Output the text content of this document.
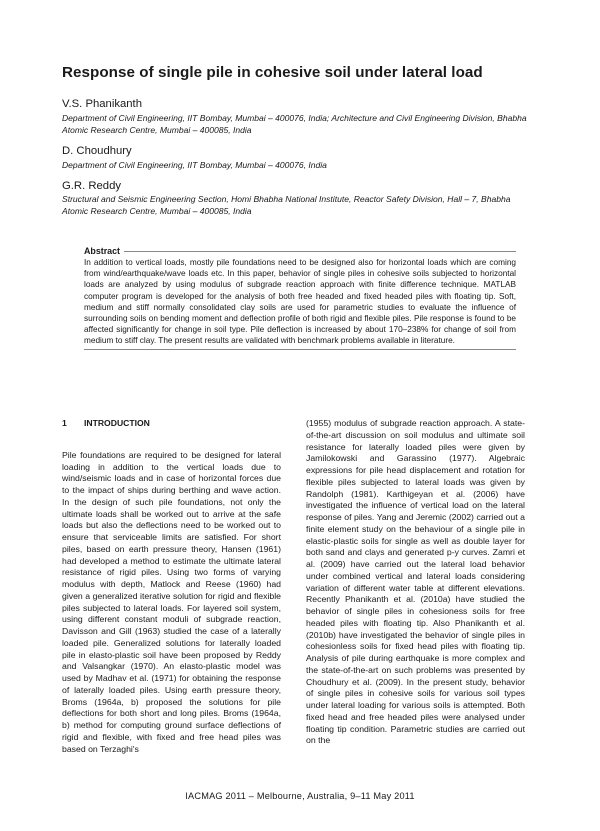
Response of single pile in cohesive soil under lateral load
V.S. Phanikanth
Department of Civil Engineering, IIT Bombay, Mumbai – 400076, India; Architecture and Civil Engineering Division, Bhabha Atomic Research Centre, Mumbai – 400085, India
D. Choudhury
Department of Civil Engineering, IIT Bombay, Mumbai – 400076, India
G.R. Reddy
Structural and Seismic Engineering Section, Homi Bhabha National Institute, Reactor Safety Division, Hall – 7, Bhabha Atomic Research Centre, Mumbai – 400085, India
Abstract
In addition to vertical loads, mostly pile foundations need to be designed also for horizontal loads which are coming from wind/earthquake/wave loads etc. In this paper, behavior of single piles in cohesive soils subjected to horizontal loads are analyzed by using modulus of subgrade reaction approach with finite difference technique. MATLAB computer program is developed for the analysis of both free headed and fixed headed piles with floating tip. Soft, medium and stiff normally consolidated clay soils are used for parametric studies to evaluate the influence of surrounding soils on bending moment and deflection profile of both rigid and flexible piles. Pile response is found to be affected significantly for change in soil type. Pile deflection is increased by about 170–238% for change of soil from medium to stiff clay. The present results are validated with benchmark problems available in literature.
1	INTRODUCTION

Pile foundations are required to be designed for lateral loading in addition to the vertical loads due to wind/seismic loads and in case of horizontal forces due to the impact of ships during berthing and wave action. In the design of such pile foundations, not only the ultimate loads shall be worked out to arrive at the safe loads but also the deflections need to be worked out to ensure that serviceable limits are satisfied. For short piles, based on earth pressure theory, Hansen (1961) had developed a method to estimate the ultimate lateral resistance of rigid piles. Using two forms of varying modulus with depth, Matlock and Reese (1960) had given a generalized iterative solution for rigid and flexible piles subjected to lateral loads. For layered soil system, using different constant moduli of subgrade reaction, Davisson and Gill (1963) studied the case of a laterally loaded pile. Generalized solutions for laterally loaded pile in elasto-plastic soil have been proposed by Reddy and Valsangkar (1970). An elasto-plastic model was used by Madhav et al. (1971) for obtaining the response of laterally loaded piles. Using earth pressure theory, Broms (1964a, b) proposed the solutions for pile deflections for both short and long piles. Broms (1964a, b) method for computing ground surface deflections of rigid and flexible, with fixed and free head piles was based on Terzaghi's

(1955) modulus of subgrade reaction approach. A state-of-the-art discussion on soil modulus and ultimate soil resistance for laterally loaded piles were given by Jamilokowski and Garassino (1977). Algebraic expressions for pile head displacement and rotation for flexible piles subjected to lateral loads was given by Randolph (1981). Karthigeyan et al. (2006) have investigated the influence of vertical load on the lateral response of piles. Yang and Jeremic (2002) carried out a finite element study on the behaviour of a single pile in elastic-plastic soils for single as well as double layer for both sand and clays and generated p-y curves. Zamri et al. (2009) have carried out the lateral load behavior under combined vertical and lateral loads considering variation of different water table at different elevations. Recently Phanikanth et al. (2010a) have studied the behavior of single piles in cohesioness soils for free headed piles with floating tip. Also Phanikanth et al. (2010b) have investigated the behavior of single piles in cohesionless soils for fixed head piles with floating tip. Analysis of pile during earthquake is more complex and the state-of-the-art on such problems was presented by Choudhury et al. (2009). In the present study, behavior of single piles in cohesive soils for various soil types under lateral loading for various soils is attempted. Both fixed head and free headed piles were analysed under floating tip condition. Parametric studies are carried out on the

IACMAG 2011 – Melbourne, Australia, 9–11 May 2011
